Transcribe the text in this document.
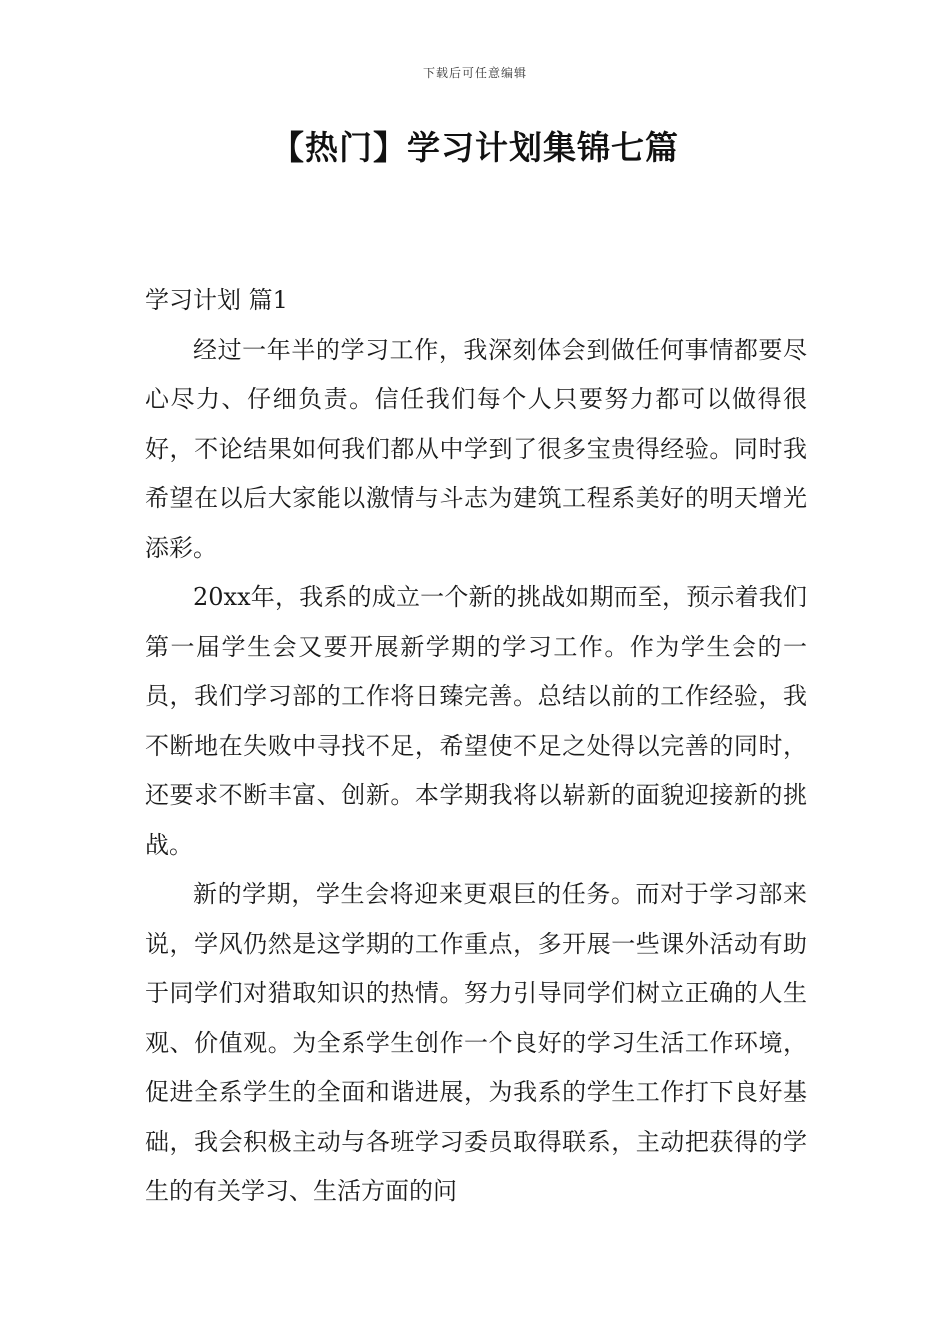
下载后可任意编辑
【热门】学习计划集锦七篇

学习计划 篇1

经过一年半的学习工作，我深刻体会到做任何事情都要尽心尽力、仔细负责。信任我们每个人只要努力都可以做得很好，不论结果如何我们都从中学到了很多宝贵得经验。同时我希望在以后大家能以激情与斗志为建筑工程系美好的明天增光添彩。

20xx年，我系的成立一个新的挑战如期而至，预示着我们第一届学生会又要开展新学期的学习工作。作为学生会的一员，我们学习部的工作将日臻完善。总结以前的工作经验，我不断地在失败中寻找不足，希望使不足之处得以完善的同时，还要求不断丰富、创新。本学期我将以崭新的面貌迎接新的挑战。

新的学期，学生会将迎来更艰巨的任务。而对于学习部来说，学风仍然是这学期的工作重点，多开展一些课外活动有助于同学们对猎取知识的热情。努力引导同学们树立正确的人生观、价值观。为全系学生创作一个良好的学习生活工作环境，促进全系学生的全面和谐进展，为我系的学生工作打下良好基础，我会积极主动与各班学习委员取得联系，主动把获得的学生的有关学习、生活方面的问
